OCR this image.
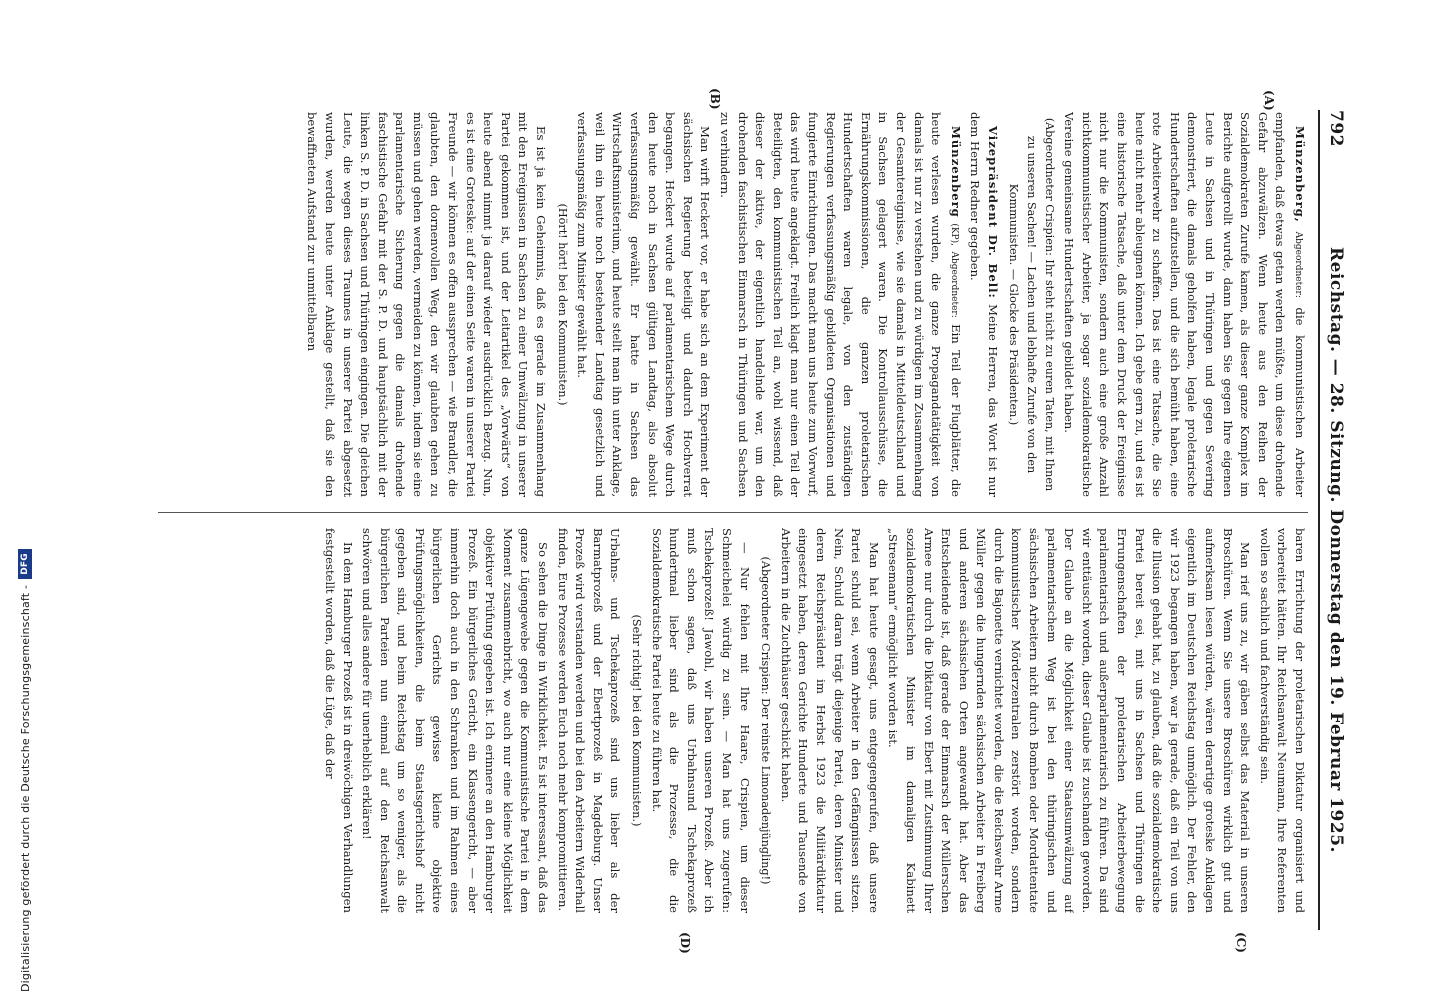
792
Reichstag. — 28. Sitzung. Donnerstag den 19. Februar 1925.
(A)
(B)
(C)
(D)

Münzenberg, Abgeordneter: die kommunistischen Arbeiter empfanden, daß etwas getan werden müßte, um diese drohende Gefahr abzuwälzen. Wenn heute aus den Reihen der Sozialdemokraten Zurufe kamen, als dieser ganze Komplex im Berichte aufgerollt wurde, dann haben Sie gegen Ihre eigenen Leute in Sachsen und in Thüringen und gegen Severing demonstriert, die damals geholfen haben, legale proletarische Hundertschaften aufzustellen, und die sich bemüht haben, eine rote Arbeiterwehr zu schaffen. Das ist eine Tatsache, die Sie heute nicht mehr ableugnen können. Ich gebe gern zu, und es ist eine historische Tatsache, daß unter dem Druck der Ereignisse nicht nur die Kommunisten, sondern auch eine große Anzahl nichtkommunistischer Arbeiter, ja sogar sozialdemokratische Vereine gemeinsame Hundertschaften gebildet haben.

(Abgeordneter Crispien: Ihr steht nicht zu euren Taten, mit Ihnen zu unseren Sachen! — Lachen und lebhafte Zurufe von den Kommunisten. — Glocke des Präsidenten.)

Vizepräsident Dr. Bell: Meine Herren, das Wort ist nur dem Herrn Redner gegeben.

Münzenberg (KP), Abgeordneter: Ein Teil der Flugblätter, die heute verlesen wurden, die ganze Propagandatätigkeit von damals ist nur zu verstehen und zu würdigen im Zusammenhang der Gesamtereignisse, wie sie damals in Mitteldeutschland und in Sachsen gelagert waren. Die Kontrollausschüsse, die Ernährungskommissionen, die ganzen proletarischen Hundertschaften waren legale, von den zuständigen Regierungen verfassungsmäßig gebildeten Organisationen und fungierte Einrichtungen. Das macht man uns heute zum Vorwurf, das wird heute angeklagt. Freilich klagt man nur einen Teil der Beteiligten, den kommunistischen Teil an, wohl wissend, daß dieser der aktive, der eigentlich handelnde war, um den drohenden faschistischen Einmarsch in Thüringen und Sachsen zu verhindern.

Man wirft Heckert vor, er habe sich an dem Experiment der sächsischen Regierung beteiligt und dadurch Hochverrat begangen. Heckert wurde auf parlamentarischem Wege durch den heute noch in Sachsen gültigen Landtag, also absolut verfassungsmäßig gewählt. Er hatte in Sachsen das Wirtschaftsministerium, und heute stellt man ihn unter Anklage, weil ihn ein heute noch bestehender Landtag gesetzlich und verfassungsmäßig zum Minister gewählt hat.

(Hört! hört! bei den Kommunisten.)

Es ist ja kein Geheimnis, daß es gerade im Zusammenhang mit den Ereignissen in Sachsen zu einer Umwälzung in unserer Partei gekommen ist, und der Leitartikel des „Vorwärts“ von heute abend nimmt ja darauf wieder ausdrücklich Bezug. Nun, es ist eine Groteske: auf der einen Seite waren in unserer Partei Freunde — wir können es offen aussprechen — wie Brandler, die glaubten, den dornenvollen Weg, den wir glaubten gehen zu müssen und gehen werden, vermeiden zu können, indem sie eine parlamentarische Sicherung gegen die damals drohende faschistische Gefahr mit der S. P. D. und hauptsächlich mit der linken S. P. D. in Sachsen und Thüringen eingingen. Die gleichen Leute, die wegen dieses Traumes in unserer Partei abgesetzt wurden, werden heute unter Anklage gestellt, daß sie den bewaffneten Aufstand zur unmittelbaren

baren Errichtung der proletarischen Diktatur organisiert und vorbereitet hätten. Ihr Reichsanwalt Neumann, Ihre Referenten wollen so sachlich und fachverständig sein.

Man rief uns zu, wir gäben selbst das Material in unseren Broschüren. Wenn Sie unsere Broschüren wirklich gut und aufmerksam lesen würden, wären derartige groteske Anklagen eigentlich im Deutschen Reichstag unmöglich. Der Fehler, den wir 1923 begangen haben, war ja gerade, daß ein Teil von uns die Illusion gehabt hat, zu glauben, daß die sozialdemokratische Partei bereit sei, mit uns in Sachsen und Thüringen die Errungenschaften der proletarischen Arbeiterbewegung parlamentarisch und außerparlamentarisch zu führen. Da sind wir enttäuscht worden, dieser Glaube ist zuschanden geworden. Der Glaube an die Möglichkeit einer Staatsumwälzung auf parlamentarischem Weg ist bei den thüringischen und sächsischen Arbeitern nicht durch Bomben oder Mordattentate kommunistischer Mörderzentralen zerstört worden, sondern durch die Bajonette vernichtet worden, die die Reichswehr Arme Müller gegen die hungernden sächsischen Arbeiter in Freiberg und anderen sächsischen Orten angewandt hat. Aber das Entscheidende ist, daß gerade der Einmarsch der Müllerschen Armee nur durch die Diktatur von Ebert mit Zustimmung Ihrer sozialdemokratischen Minister im damaligen Kabinett „Stresemann“ ermöglicht worden ist.

Man hat heute gesagt, uns entgegengerufen, daß unsere Partei schuld sei, wenn Arbeiter in den Gefängnissen sitzen. Nein, Schuld daran trägt diejenige Partei, deren Minister und deren Reichspräsident im Herbst 1923 die Militärdiktatur eingesetzt haben, deren Gerichte Hunderte und Tausende von Arbeitern in die Zuchthäuser geschickt haben.

(Abgeordneter Crispien: Der reinste Limonadenjüngling!)

— Nur fehlen mit Ihre Haare, Crispien, um dieser Schmeichelei würdig zu sein. — Man hat uns zugerufen: Tschekaprozeß! Jawohl, wir haben unseren Prozeß. Aber ich muß schon sagen, daß uns Urbahnsund Tschekaprozeß hundertmal lieber sind als die Prozesse, die die Sozialdemokratische Partei heute zu führen hat.

(Sehr richtig! bei den Kommunisten.)

Urbahns- und Tschekaprozeß sind uns lieber als der Barmatprozeß und der Ebertprozeß in Magdeburg. Unser Prozeß wird verstanden werden und bei den Arbeitern Widerhall finden, Eure Prozesse werden Euch noch mehr kompromittieren.

So sehen die Dinge in Wirklichkeit. Es ist interessant, daß das ganze Lügengewebe gegen die Kommunistische Partei in dem Moment zusammenbricht, wo auch nur eine kleine Möglichkeit objektiver Prüfung gegeben ist. Ich erinnere an den Hamburger Prozeß. Ein bürgerliches Gericht, ein Klassengericht, — aber immerhin doch auch in den Schranken und im Rahmen eines bürgerlichen Gerichts gewisse kleine objektive Prüfungsmöglichkeiten, die beim Staatsgerichtshof nicht gegeben sind, und beim Reichstag um so weniger, als die bürgerlichen Parteien nun einmal auf den Reichsanwalt schwören und alles andere für unerheblich erklären!

In dem Hamburger Prozeß ist in dreiwöchigen Verhandlungen festgestellt worden, daß die Lüge, daß der

Digitalisierung gefördert durch die Deutsche Forschungsgemeinschaft -
DFG
